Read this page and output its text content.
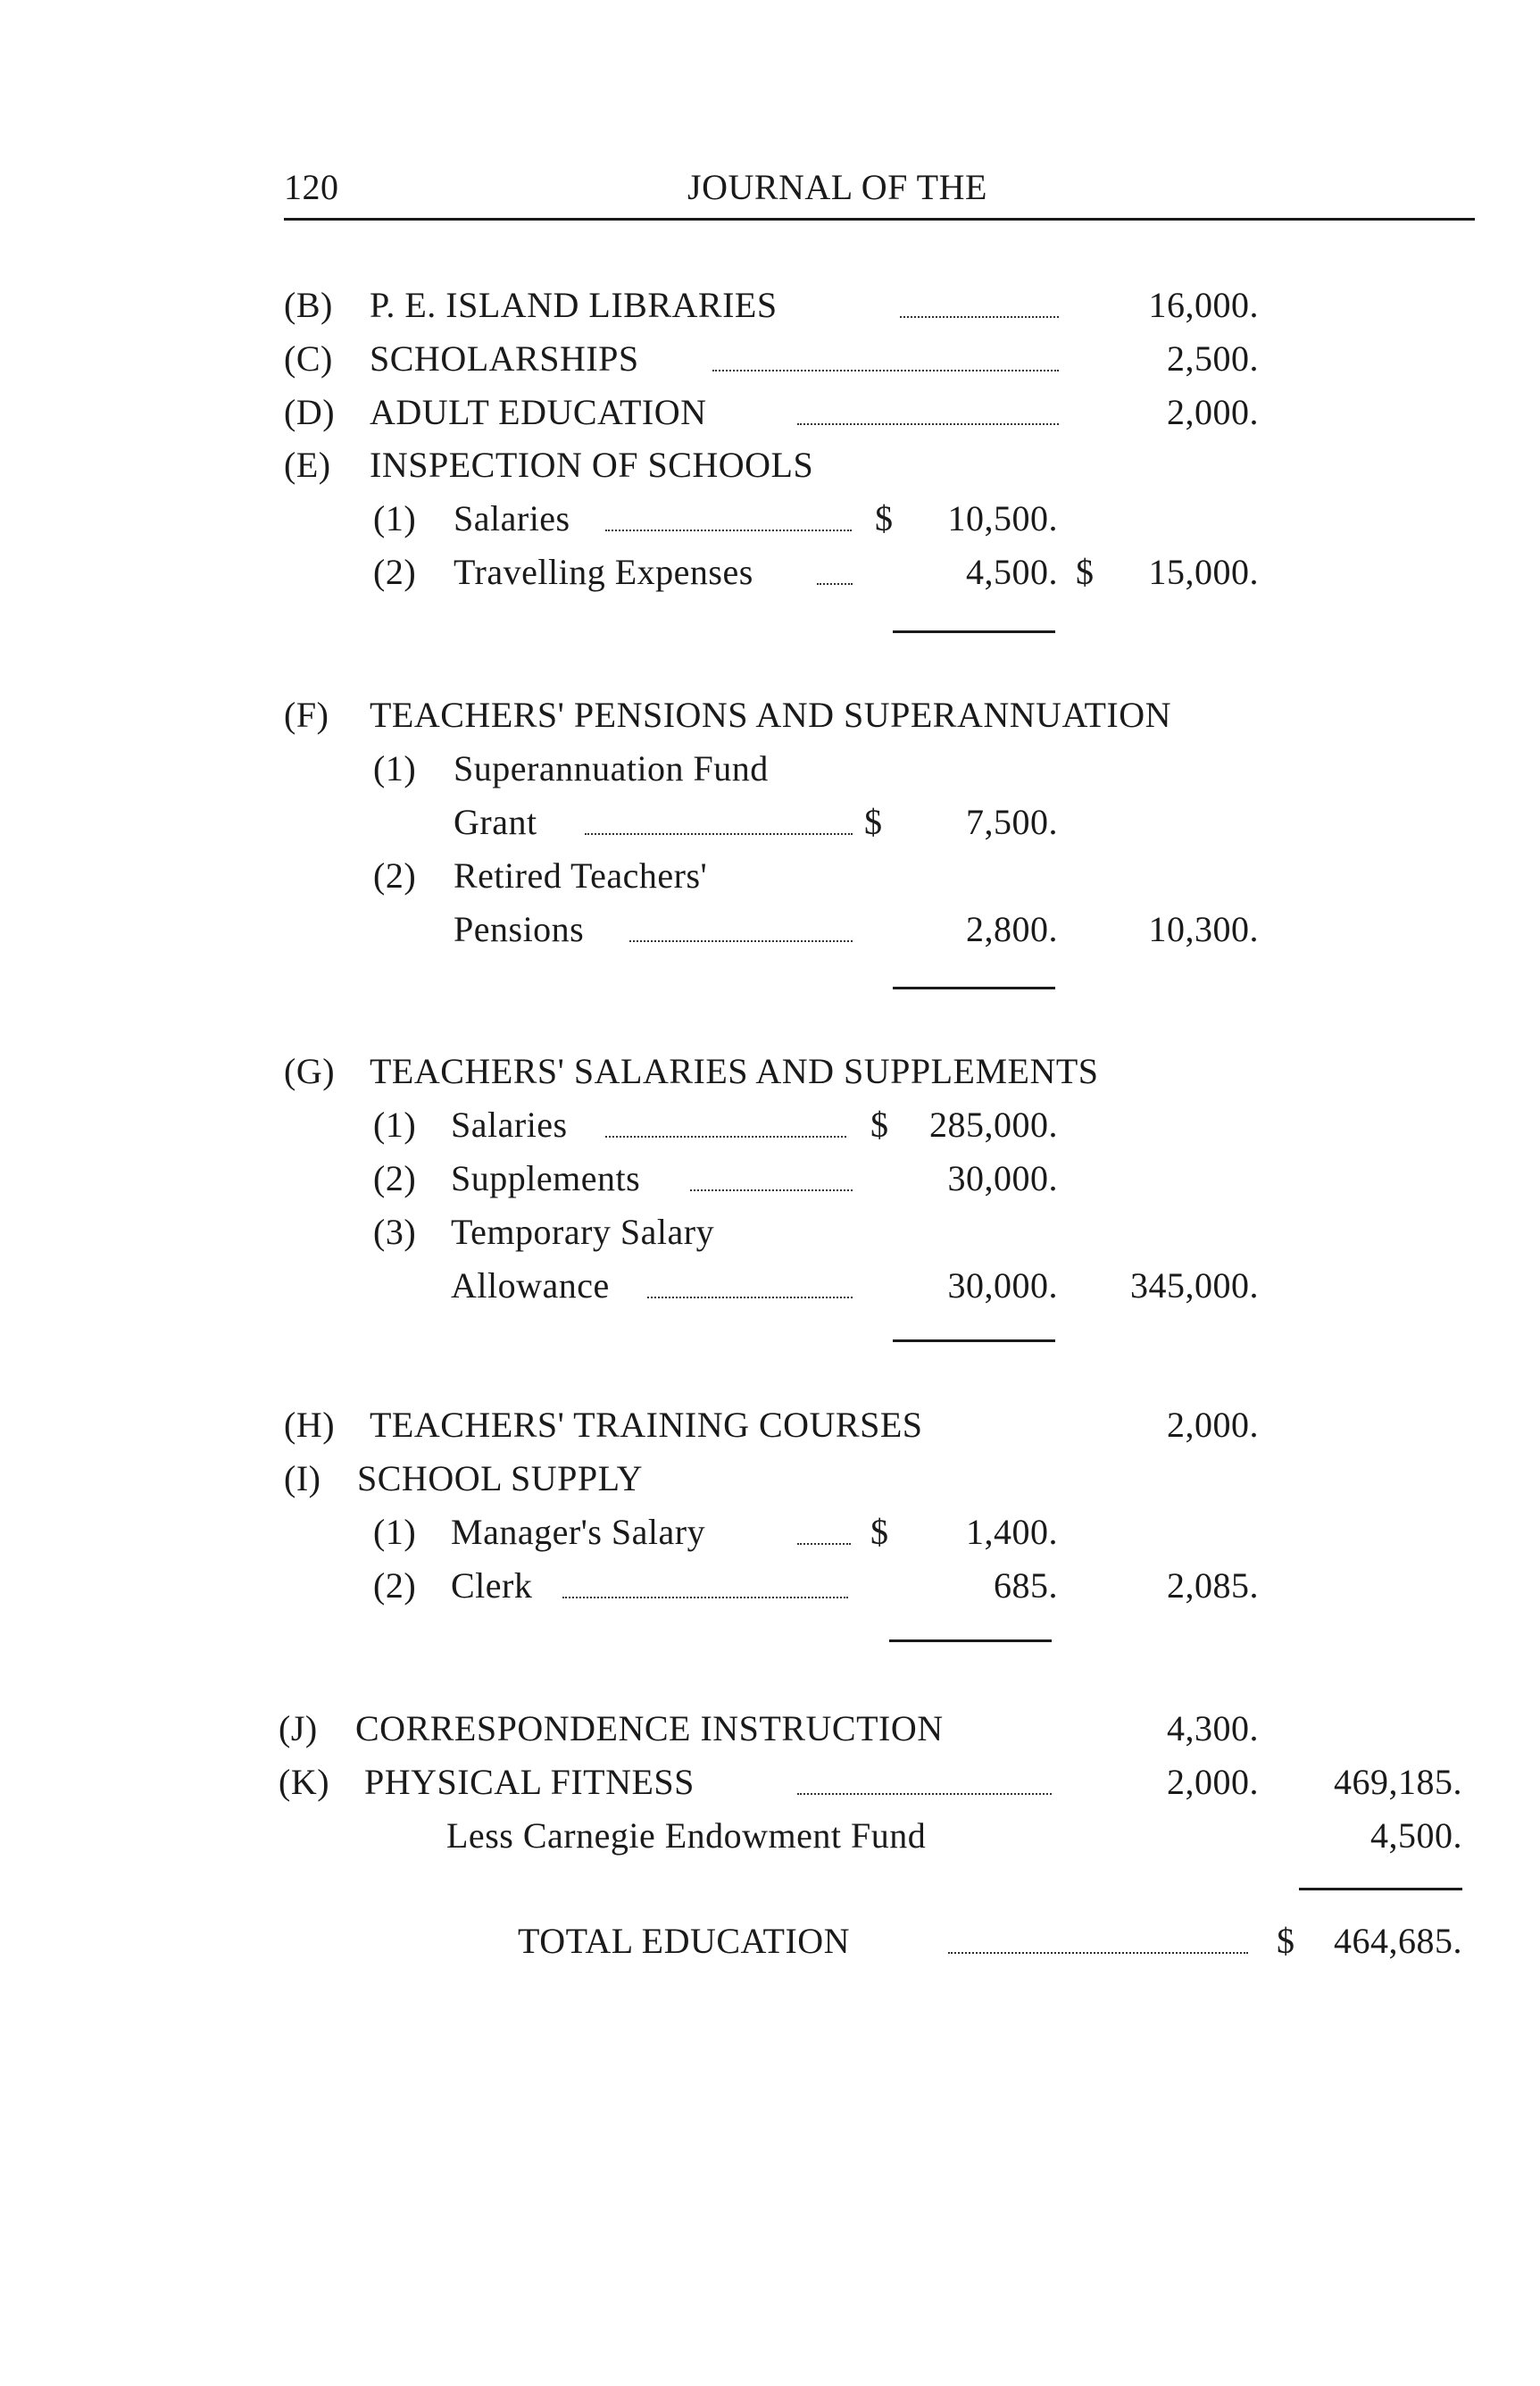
120	JOURNAL OF THE
(B) P. E. ISLAND LIBRARIES	16,000.
(C) SCHOLARSHIPS	2,500.
(D) ADULT EDUCATION	2,000.
(E) INSPECTION OF SCHOOLS
(1) Salaries	$	10,500.
(2) Travelling Expenses	4,500. $	15,000.
(F) TEACHERS' PENSIONS AND SUPERANNUATION
(1) Superannuation Fund
Grant	$	7,500.
(2) Retired Teachers'
Pensions	2,800.	10,300.
(G) TEACHERS' SALARIES AND SUPPLEMENTS
(1) Salaries	$	285,000.
(2) Supplements	30,000.
(3) Temporary Salary
Allowance	30,000.	345,000.
(H) TEACHERS' TRAINING COURSES	2,000.
(I) SCHOOL SUPPLY
(1) Manager's Salary	$	1,400.
(2) Clerk	685.	2,085.
(J) CORRESPONDENCE INSTRUCTION	4,300.
(K) PHYSICAL FITNESS	2,000.	469,185.
Less Carnegie Endowment Fund	4,500.
TOTAL EDUCATION	$	464,685.
